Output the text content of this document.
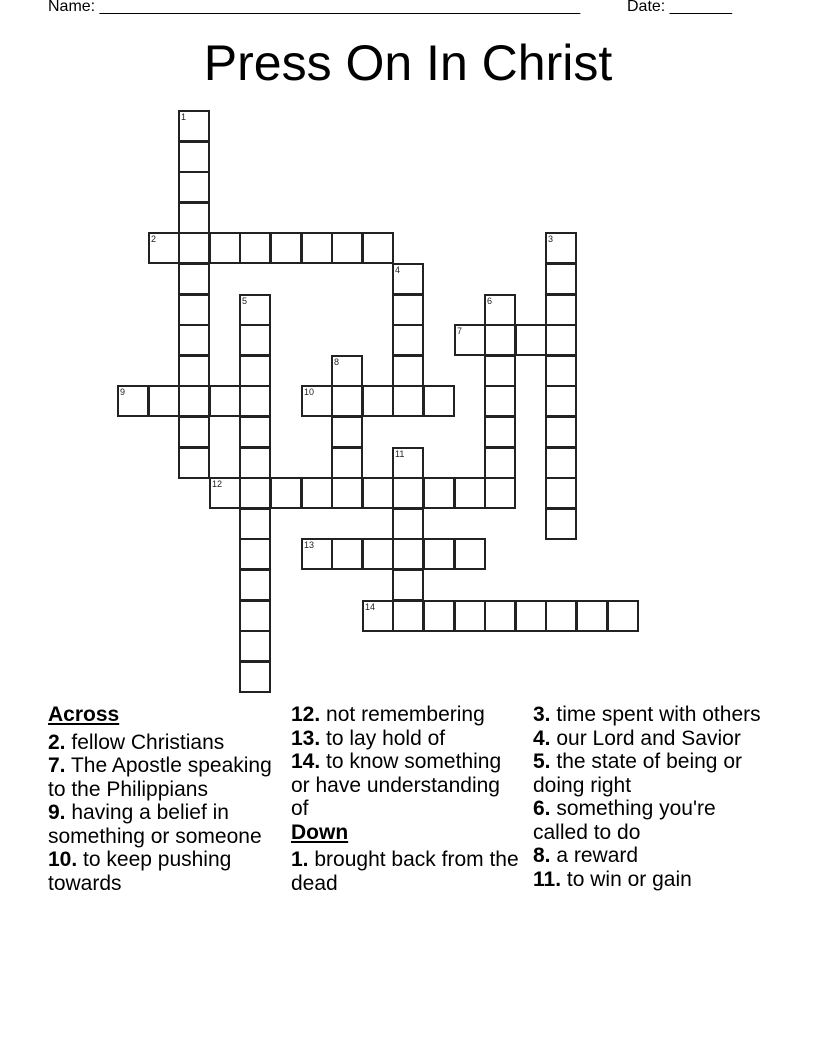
Name: ______________________________________________________	Date: _______
Press On In Christ
1
2	3
4
5	6
7
8
9	10
11
12
13
14
Across
2. fellow Christians
7. The Apostle speaking to the Philippians
9. having a belief in something or someone
10. to keep pushing towards
12. not remembering
13. to lay hold of
14. to know something or have understanding of
Down
1. brought back from the dead
3. time spent with others
4. our Lord and Savior
5. the state of being or doing right
6. something you're called to do
8. a reward
11. to win or gain
